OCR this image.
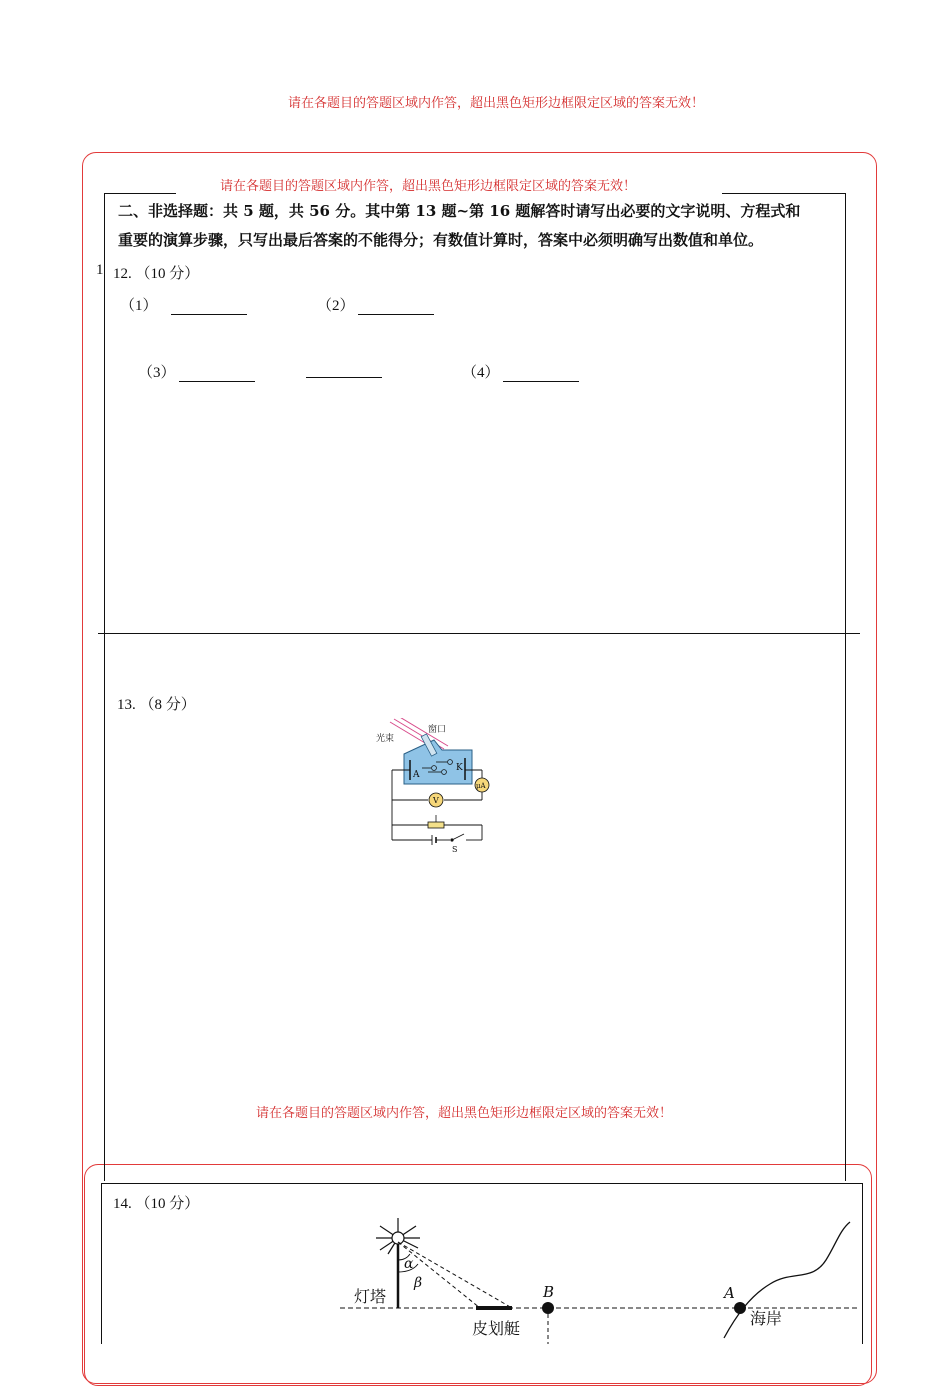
请在各题目的答题区域内作答，超出黑色矩形边框限定区域的答案无效！
请在各题目的答题区域内作答，超出黑色矩形边框限定区域的答案无效！
二、非选择题：共 5 题，共 56 分。其中第 13 题~第 16 题解答时请写出必要的文字说明、方程式和
重要的演算步骤，只写出最后答案的不能得分；有数值计算时，答案中必须明确写出数值和单位。
1 12. （10 分）
（1）	（2）
（3）	（4）
13. （8 分）
光束
窗口
A
K
μA
V
S
请在各题目的答题区域内作答，超出黑色矩形边框限定区域的答案无效！
14. （10 分）
α
β
灯塔
皮划艇
B	A
海岸
